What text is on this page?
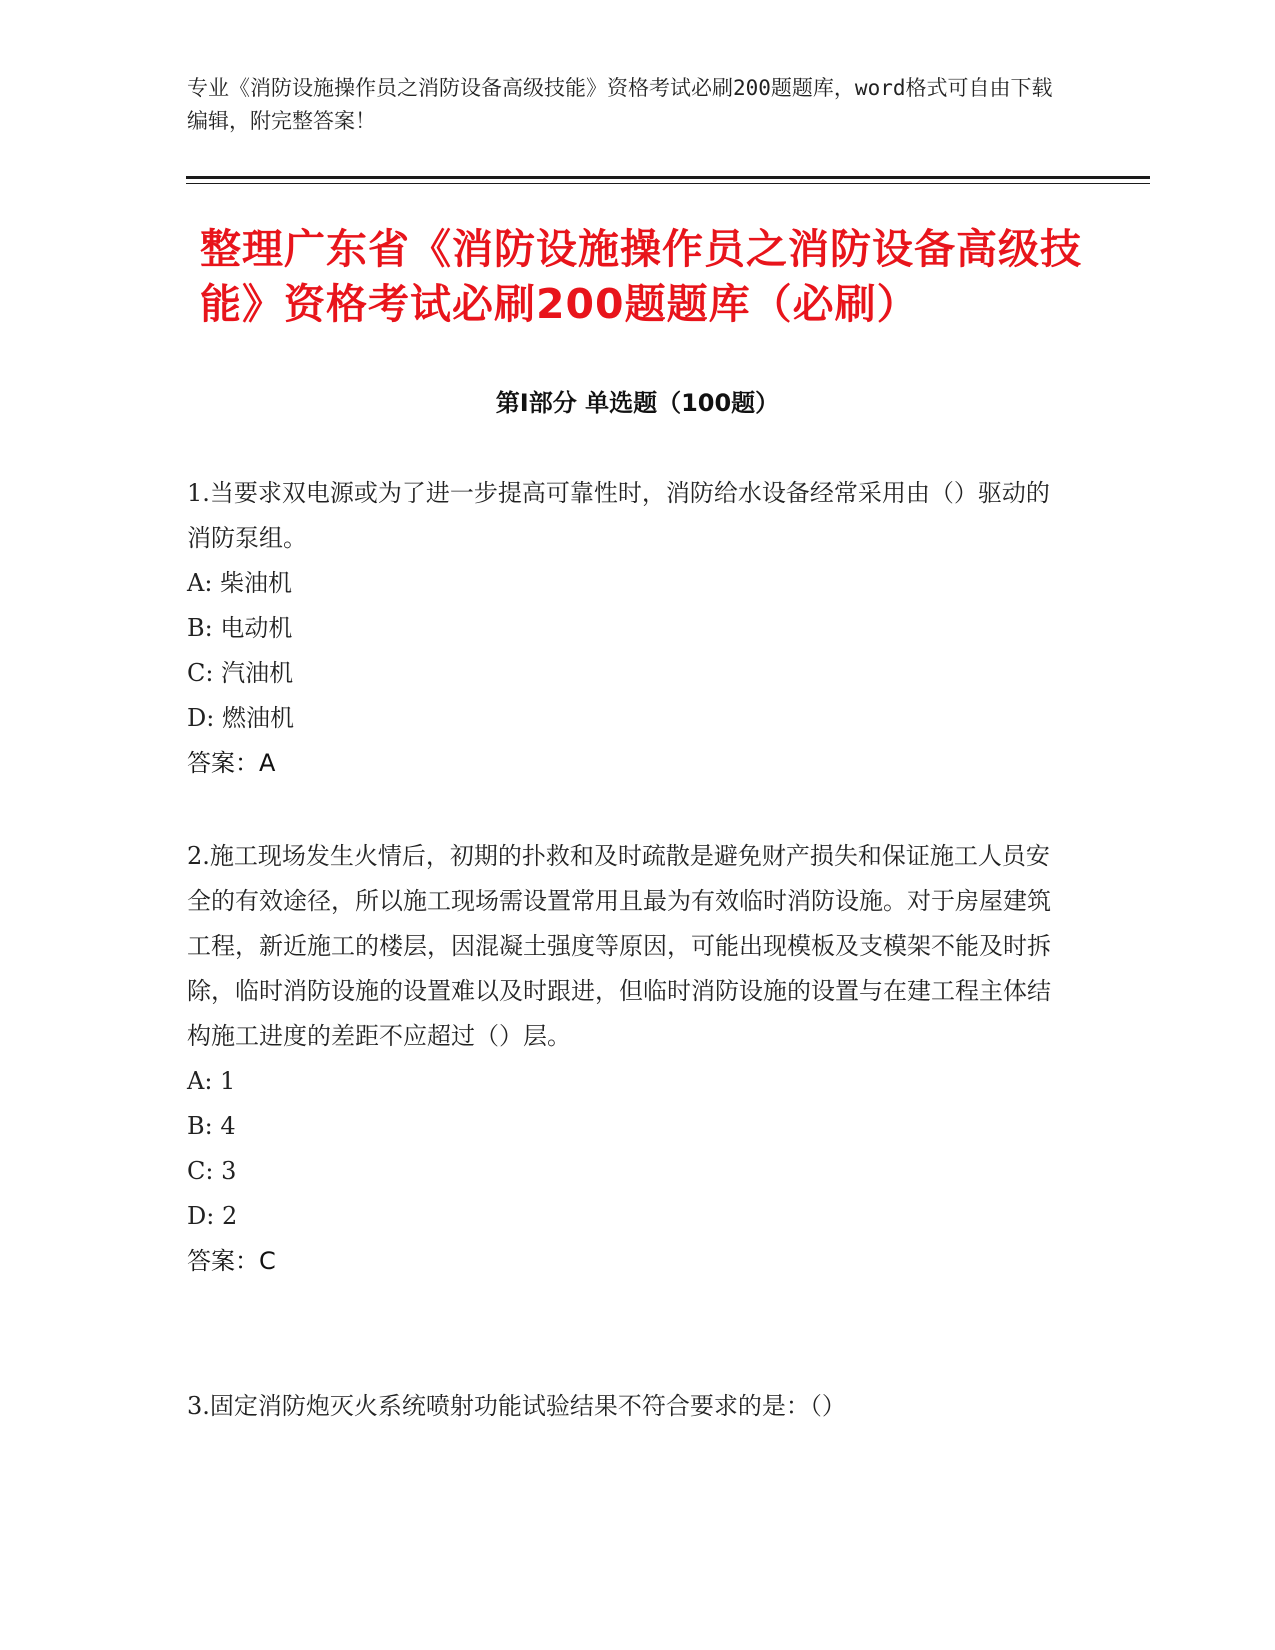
专业《消防设施操作员之消防设备高级技能》资格考试必刷200题题库，word格式可自由下载编辑，附完整答案！

整理广东省《消防设施操作员之消防设备高级技能》资格考试必刷200题题库（必刷）
第Ⅰ部分 单选题（100题）

1.当要求双电源或为了进一步提高可靠性时，消防给水设备经常采用由（）驱动的消防泵组。

A: 柴油机

B: 电动机

C: 汽油机

D: 燃油机

答案：A

2.施工现场发生火情后，初期的扑救和及时疏散是避免财产损失和保证施工人员安全的有效途径，所以施工现场需设置常用且最为有效临时消防设施。对于房屋建筑工程，新近施工的楼层，因混凝土强度等原因，可能出现模板及支模架不能及时拆除，临时消防设施的设置难以及时跟进，但临时消防设施的设置与在建工程主体结构施工进度的差距不应超过（）层。

A: 1

B: 4

C: 3

D: 2

答案：C

3.固定消防炮灭火系统喷射功能试验结果不符合要求的是：（）
